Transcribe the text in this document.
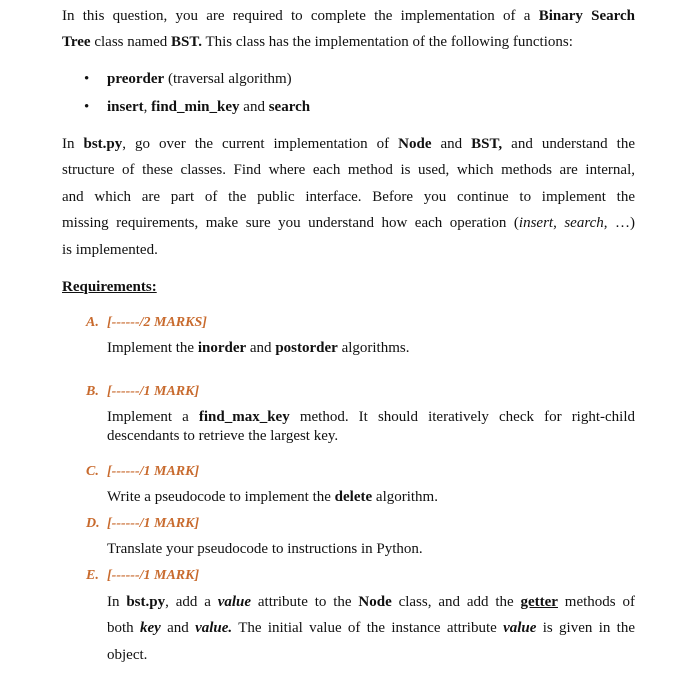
In this question, you are required to complete the implementation of a Binary Search
Tree class named BST. This class has the implementation of the following functions:
•	preorder (traversal algorithm)
•	insert, find_min_key and search
In bst.py, go over the current implementation of Node and BST, and understand the
structure of these classes. Find where each method is used, which methods are internal,
and which are part of the public interface. Before you continue to implement the
missing requirements, make sure you understand how each operation (insert, search, …)
is implemented.
Requirements:
A. [------/2 MARKS]
Implement the inorder and postorder algorithms.
B. [------/1 MARK]
Implement a find_max_key method. It should iteratively check for right-child
descendants to retrieve the largest key.
C. [------/1 MARK]
Write a pseudocode to implement the delete algorithm.
D. [------/1 MARK]
Translate your pseudocode to instructions in Python.
E. [------/1 MARK]
In bst.py, add a value attribute to the Node class, and add the getter methods of
both key and value. The initial value of the instance attribute value is given in the
object.
